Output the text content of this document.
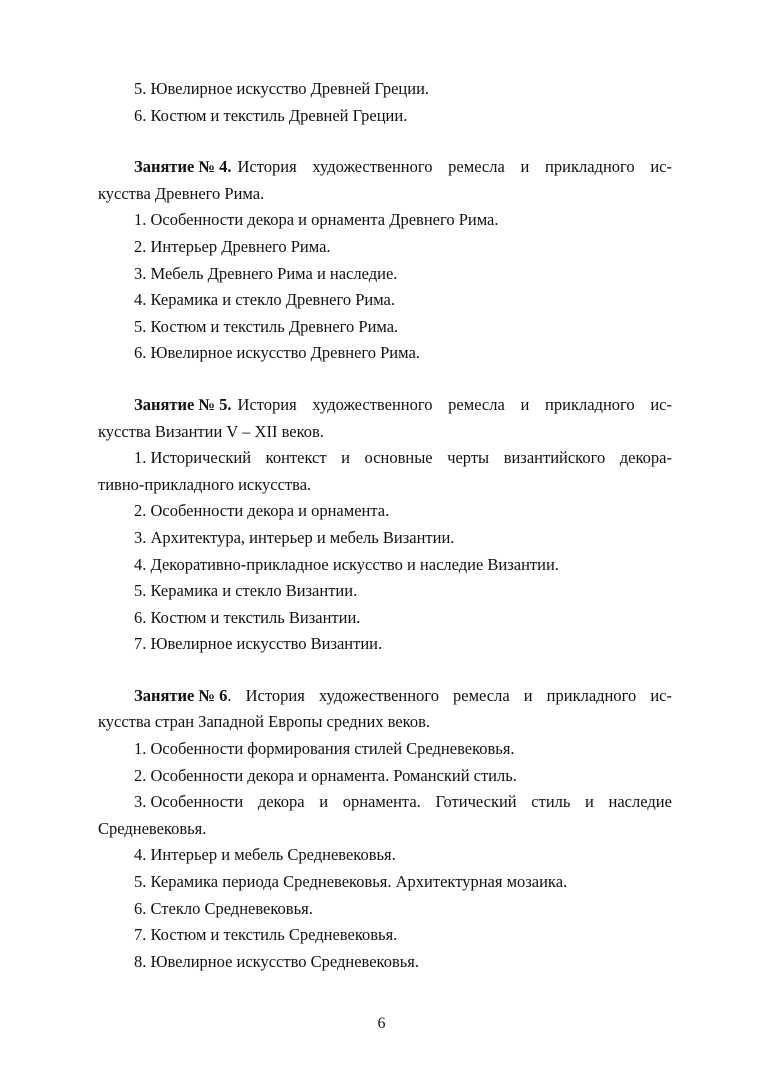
5. Ювелирное искусство Древней Греции.
6. Костюм и текстиль Древней Греции.
Занятие № 4. История художественного ремесла и прикладного ис-
кусства Древнего Рима.
1. Особенности декора и орнамента Древнего Рима.
2. Интерьер Древнего Рима.
3. Мебель Древнего Рима и наследие.
4. Керамика и стекло Древнего Рима.
5. Костюм и текстиль Древнего Рима.
6. Ювелирное искусство Древнего Рима.
Занятие № 5. История художественного ремесла и прикладного ис-
кусства Византии V – XII веков.
1. Исторический контекст и основные черты византийского декора-
тивно-прикладного искусства.
2. Особенности декора и орнамента.
3. Архитектура, интерьер и мебель Византии.
4. Декоративно-прикладное искусство и наследие Византии.
5. Керамика и стекло Византии.
6. Костюм и текстиль Византии.
7. Ювелирное искусство Византии.
Занятие № 6 . История художественного ремесла и прикладного ис-
кусства стран Западной Европы средних веков.
1. Особенности формирования стилей Средневековья.
2. Особенности декора и орнамента. Романский стиль.
3. Особенности декора и орнамента. Готический стиль и наследие
Средневековья.
4. Интерьер и мебель Средневековья.
5. Керамика периода Средневековья. Архитектурная мозаика.
6. Стекло Средневековья.
7. Костюм и текстиль Средневековья.
8. Ювелирное искусство Средневековья.
6
